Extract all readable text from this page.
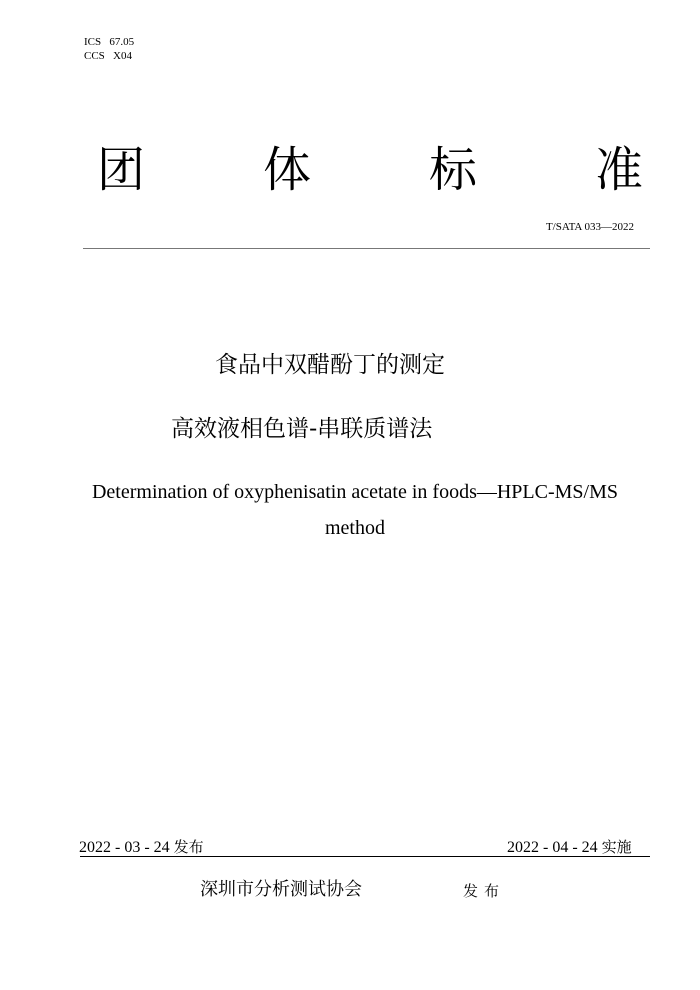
ICS   67.05
CCS   X04
团 体 标 准
T/SATA 033—2022
食品中双醋酚丁的测定
高效液相色谱-串联质谱法
Determination of oxyphenisatin acetate in foods—HPLC-MS/MS
method
2022 - 03 - 24 发布	2022 - 04 - 24 实施
深圳市分析测试协会	发布
